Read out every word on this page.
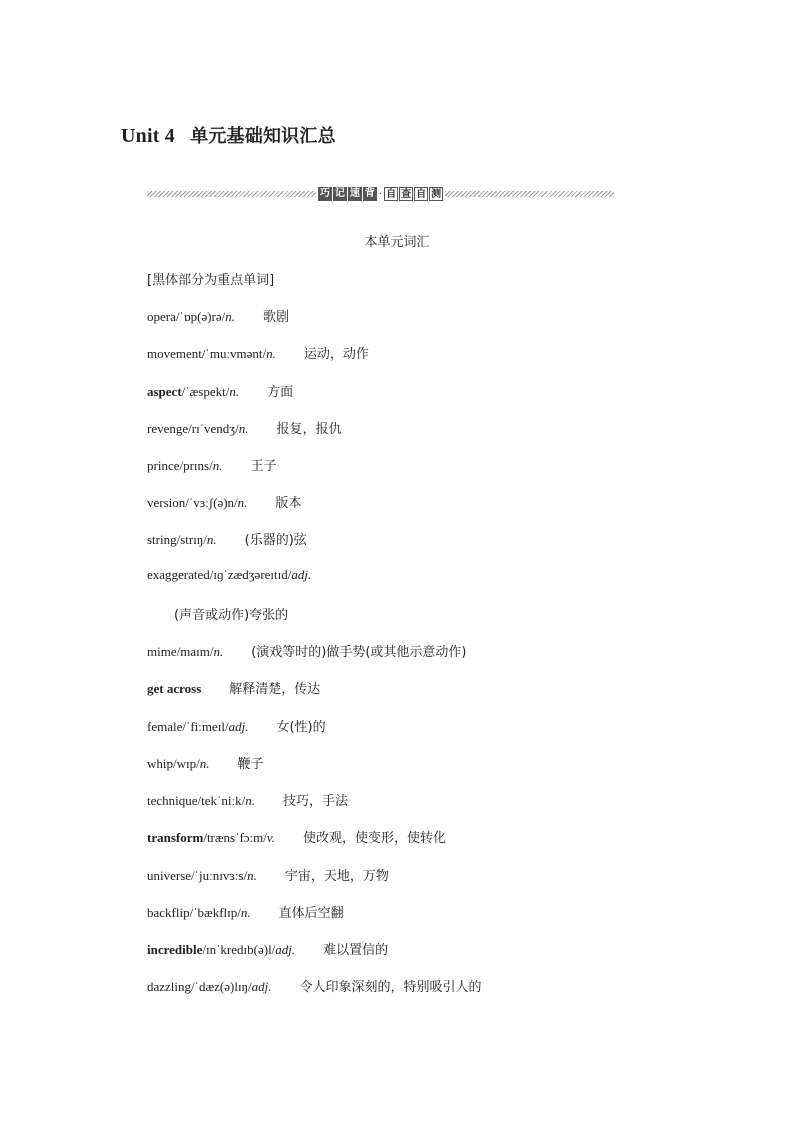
Unit 4 单元基础知识汇总
巧 记 速 背 · 自 查 自 测
本单元词汇
[黑体部分为重点单词]
opera/ˈɒp(ə)rə/n. 歌剧
movement/ˈmuːvmənt/n. 运动，动作
aspect/ˈæspekt/n. 方面
revenge/rɪˈvendʒ/n. 报复，报仇
prince/prɪns/n. 王子
version/ˈvɜːʃ(ə)n/n. 版本
string/strɪŋ/n. (乐器的)弦
exaggerated/ɪɡˈzædʒəreɪtɪd/adj.
(声音或动作)夸张的
mime/maɪm/n. (演戏等时的)做手势(或其他示意动作)
get across 解释清楚，传达
female/ˈfiːmeɪl/adj. 女(性)的
whip/wɪp/n. 鞭子
technique/tekˈniːk/n. 技巧，手法
transform/trænsˈfɔːm/v. 使改观，使变形，使转化
universe/ˈjuːnɪvɜːs/n. 宇宙，天地，万物
backflip/ˈbækflɪp/n. 直体后空翻
incredible/ɪnˈkredɪb(ə)l/adj. 难以置信的
dazzling/ˈdæz(ə)lɪŋ/adj. 令人印象深刻的，特别吸引人的
